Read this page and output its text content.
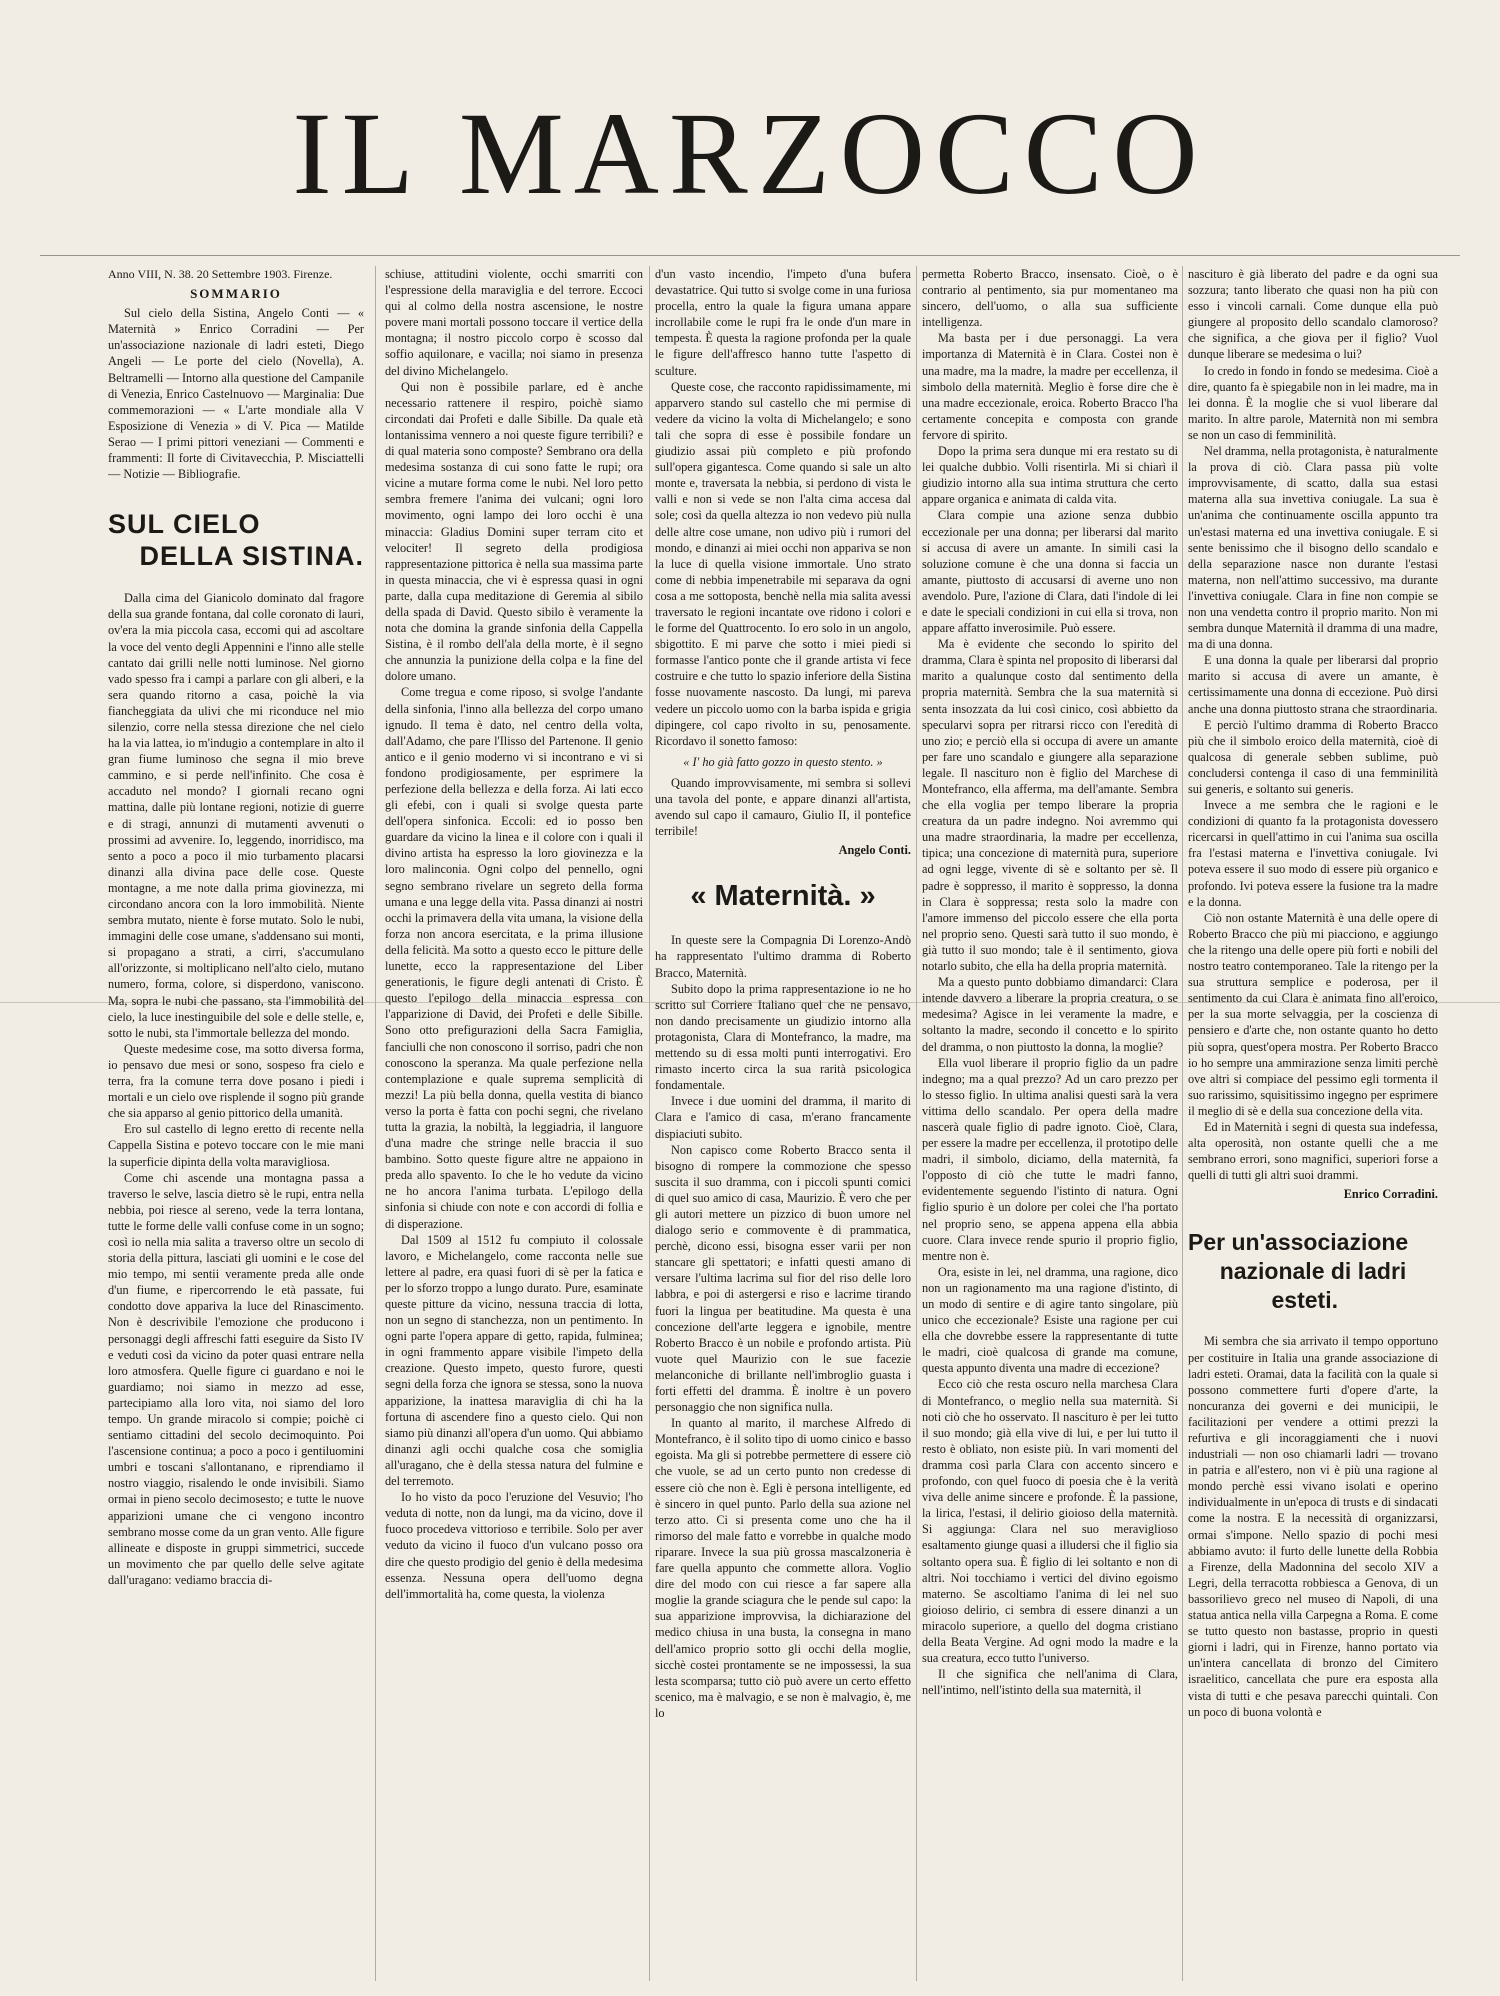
IL MARZOCCO

Anno VIII, N. 38. 20 Settembre 1903. Firenze.

SOMMARIO

Sul cielo della Sistina, Angelo Conti — « Maternità » Enrico Corradini — Per un'associazione nazionale di ladri esteti, Diego Angeli — Le porte del cielo (Novella), A. Beltramelli — Intorno alla questione del Campanile di Venezia, Enrico Castelnuovo — Marginalia: Due commemorazioni — « L'arte mondiale alla V Esposizione di Venezia » di V. Pica — Matilde Serao — I primi pittori veneziani — Commenti e frammenti: Il forte di Civitavecchia, P. Misciattelli — Notizie — Bibliografie.

SUL CIELO
DELLA SISTINA.

Dalla cima del Gianicolo dominato dal fragore della sua grande fontana, dal colle coronato di lauri, ov'era la mia piccola casa, eccomi qui ad ascoltare la voce del vento degli Appennini e l'inno alle stelle cantato dai grilli nelle notti luminose. Nel giorno vado spesso fra i campi a parlare con gli alberi, e la sera quando ritorno a casa, poichè la via fiancheggiata da ulivi che mi riconduce nel mio silenzio, corre nella stessa direzione che nel cielo ha la via lattea, io m'indugio a contemplare in alto il gran fiume luminoso che segna il mio breve cammino, e si perde nell'infinito. Che cosa è accaduto nel mondo? I giornali recano ogni mattina, dalle più lontane regioni, notizie di guerre e di stragi, annunzi di mutamenti avvenuti o prossimi ad avvenire. Io, leggendo, inorridisco, ma sento a poco a poco il mio turbamento placarsi dinanzi alla divina pace delle cose. Queste montagne, a me note dalla prima giovinezza, mi circondano ancora con la loro immobilità. Niente sembra mutato, niente è forse mutato. Solo le nubi, immagini delle cose umane, s'addensano sui monti, si propagano a strati, a cirri, s'accumulano all'orizzonte, si moltiplicano nell'alto cielo, mutano numero, forma, colore, si disperdono, vaniscono. Ma, sopra le nubi che passano, sta l'immobilità del cielo, la luce inestinguibile del sole e delle stelle, e, sotto le nubi, sta l'immortale bellezza del mondo.

Queste medesime cose, ma sotto diversa forma, io pensavo due mesi or sono, sospeso fra cielo e terra, fra la comune terra dove posano i piedi i mortali e un cielo ove risplende il sogno più grande che sia apparso al genio pittorico della umanità.

Ero sul castello di legno eretto di recente nella Cappella Sistina e potevo toccare con le mie mani la superficie dipinta della volta maravigliosa.

Come chi ascende una montagna passa a traverso le selve, lascia dietro sè le rupi, entra nella nebbia, poi riesce al sereno, vede la terra lontana, tutte le forme delle valli confuse come in un sogno; così io nella mia salita a traverso oltre un secolo di storia della pittura, lasciati gli uomini e le cose del mio tempo, mi sentii veramente preda alle onde d'un fiume, e ripercorrendo le età passate, fui condotto dove appariva la luce del Rinascimento. Non è descrivibile l'emozione che producono i personaggi degli affreschi fatti eseguire da Sisto IV e veduti così da vicino da poter quasi entrare nella loro atmosfera. Quelle figure ci guardano e noi le guardiamo; noi siamo in mezzo ad esse, partecipiamo alla loro vita, noi siamo del loro tempo. Un grande miracolo si compie; poichè ci sentiamo cittadini del secolo decimoquinto. Poi l'ascensione continua; a poco a poco i gentiluomini umbri e toscani s'allontanano, e riprendiamo il nostro viaggio, risalendo le onde invisibili. Siamo ormai in pieno secolo decimosesto; e tutte le nuove apparizioni umane che ci vengono incontro sembrano mosse come da un gran vento. Alle figure allineate e disposte in gruppi simmetrici, succede un movimento che par quello delle selve agitate dall'uragano: vediamo braccia di-

schiuse, attitudini violente, occhi smarriti con l'espressione della maraviglia e del terrore. Eccoci qui al colmo della nostra ascensione, le nostre povere mani mortali possono toccare il vertice della montagna; il nostro piccolo corpo è scosso dal soffio aquilonare, e vacilla; noi siamo in presenza del divino Michelangelo.

Qui non è possibile parlare, ed è anche necessario rattenere il respiro, poichè siamo circondati dai Profeti e dalle Sibille. Da quale età lontanissima vennero a noi queste figure terribili? e di qual materia sono composte? Sembrano ora della medesima sostanza di cui sono fatte le rupi; ora vicine a mutare forma come le nubi. Nel loro petto sembra fremere l'anima dei vulcani; ogni loro movimento, ogni lampo dei loro occhi è una minaccia: Gladius Domini super terram cito et velociter! Il segreto della prodigiosa rappresentazione pittorica è nella sua massima parte in questa minaccia, che vi è espressa quasi in ogni parte, dalla cupa meditazione di Geremia al sibilo della spada di David. Questo sibilo è veramente la nota che domina la grande sinfonia della Cappella Sistina, è il rombo dell'ala della morte, è il segno che annunzia la punizione della colpa e la fine del dolore umano.

Come tregua e come riposo, si svolge l'andante della sinfonia, l'inno alla bellezza del corpo umano ignudo. Il tema è dato, nel centro della volta, dall'Adamo, che pare l'Ilisso del Partenone. Il genio antico e il genio moderno vi si incontrano e vi si fondono prodigiosamente, per esprimere la perfezione della bellezza e della forza. Ai lati ecco gli efebi, con i quali si svolge questa parte dell'opera sinfonica. Eccoli: ed io posso ben guardare da vicino la linea e il colore con i quali il divino artista ha espresso la loro giovinezza e la loro malinconia. Ogni colpo del pennello, ogni segno sembrano rivelare un segreto della forma umana e una legge della vita. Passa dinanzi ai nostri occhi la primavera della vita umana, la visione della forza non ancora esercitata, e la prima illusione della felicità. Ma sotto a questo ecco le pitture delle lunette, ecco la rappresentazione del Liber generationis, le figure degli antenati di Cristo. È questo l'epilogo della minaccia espressa con l'apparizione di David, dei Profeti e delle Sibille. Sono otto prefigurazioni della Sacra Famiglia, fanciulli che non conoscono il sorriso, padri che non conoscono la speranza. Ma quale perfezione nella contemplazione e quale suprema semplicità di mezzi! La più bella donna, quella vestita di bianco verso la porta è fatta con pochi segni, che rivelano tutta la grazia, la nobiltà, la leggiadria, il languore d'una madre che stringe nelle braccia il suo bambino. Sotto queste figure altre ne appaiono in preda allo spavento. Io che le ho vedute da vicino ne ho ancora l'anima turbata. L'epilogo della sinfonia si chiude con note e con accordi di follia e di disperazione.

Dal 1509 al 1512 fu compiuto il colossale lavoro, e Michelangelo, come racconta nelle sue lettere al padre, era quasi fuori di sè per la fatica e per lo sforzo troppo a lungo durato. Pure, esaminate queste pitture da vicino, nessuna traccia di lotta, non un segno di stanchezza, non un pentimento. In ogni parte l'opera appare di getto, rapida, fulminea; in ogni frammento appare visibile l'impeto della creazione. Questo impeto, questo furore, questi segni della forza che ignora se stessa, sono la nuova apparizione, la inattesa maraviglia di chi ha la fortuna di ascendere fino a questo cielo. Qui non siamo più dinanzi all'opera d'un uomo. Qui abbiamo dinanzi agli occhi qualche cosa che somiglia all'uragano, che è della stessa natura del fulmine e del terremoto.

Io ho visto da poco l'eruzione del Vesuvio; l'ho veduta di notte, non da lungi, ma da vicino, dove il fuoco procedeva vittorioso e terribile. Solo per aver veduto da vicino il fuoco d'un vulcano posso ora dire che questo prodigio del genio è della medesima essenza. Nessuna opera dell'uomo degna dell'immortalità ha, come questa, la violenza

d'un vasto incendio, l'impeto d'una bufera devastatrice. Qui tutto si svolge come in una furiosa procella, entro la quale la figura umana appare incrollabile come le rupi fra le onde d'un mare in tempesta. È questa la ragione profonda per la quale le figure dell'affresco hanno tutte l'aspetto di sculture.

Queste cose, che racconto rapidissimamente, mi apparvero stando sul castello che mi permise di vedere da vicino la volta di Michelangelo; e sono tali che sopra di esse è possibile fondare un giudizio assai più completo e più profondo sull'opera gigantesca. Come quando si sale un alto monte e, traversata la nebbia, si perdono di vista le valli e non si vede se non l'alta cima accesa dal sole; così da quella altezza io non vedevo più nulla delle altre cose umane, non udivo più i rumori del mondo, e dinanzi ai miei occhi non appariva se non la luce di quella visione immortale. Uno strato come di nebbia impenetrabile mi separava da ogni cosa a me sottoposta, benchè nella mia salita avessi traversato le regioni incantate ove ridono i colori e le forme del Quattrocento. Io ero solo in un angolo, sbigottito. E mi parve che sotto i miei piedi si formasse l'antico ponte che il grande artista vi fece costruire e che tutto lo spazio inferiore della Sistina fosse nuovamente nascosto. Da lungi, mi pareva vedere un piccolo uomo con la barba ispida e grigia dipingere, col capo rivolto in su, penosamente. Ricordavo il sonetto famoso:

« I' ho già fatto gozzo in questo stento. »

Quando improvvisamente, mi sembra si sollevi una tavola del ponte, e appare dinanzi all'artista, avendo sul capo il camauro, Giulio II, il pontefice terribile!

Angelo Conti.

« Maternità. »

In queste sere la Compagnia Di Lorenzo-Andò ha rappresentato l'ultimo dramma di Roberto Bracco, Maternità.

Subito dopo la prima rappresentazione io ne ho scritto sul Corriere Italiano quel che ne pensavo, non dando precisamente un giudizio intorno alla protagonista, Clara di Montefranco, la madre, ma mettendo su di essa molti punti interrogativi. Ero rimasto incerto circa la sua rarità psicologica fondamentale.

Invece i due uomini del dramma, il marito di Clara e l'amico di casa, m'erano francamente dispiaciuti subito.

Non capisco come Roberto Bracco senta il bisogno di rompere la commozione che spesso suscita il suo dramma, con i piccoli spunti comici di quel suo amico di casa, Maurizio. È vero che per gli autori mettere un pizzico di buon umore nel dialogo serio e commovente è di prammatica, perchè, dicono essi, bisogna esser varii per non stancare gli spettatori; e infatti questi amano di versare l'ultima lacrima sul fior del riso delle loro labbra, e poi di astergersi e riso e lacrime tirando fuori la lingua per beatitudine. Ma questa è una concezione dell'arte leggera e ignobile, mentre Roberto Bracco è un nobile e profondo artista. Più vuote quel Maurizio con le sue facezie melanconiche di brillante nell'imbroglio guasta i forti effetti del dramma. È inoltre è un povero personaggio che non significa nulla.

In quanto al marito, il marchese Alfredo di Montefranco, è il solito tipo di uomo cinico e basso egoista. Ma gli si potrebbe permettere di essere ciò che vuole, se ad un certo punto non credesse di essere ciò che non è. Egli è persona intelligente, ed è sincero in quel punto. Parlo della sua azione nel terzo atto. Ci si presenta come uno che ha il rimorso del male fatto e vorrebbe in qualche modo riparare. Invece la sua più grossa mascalzoneria è fare quella appunto che commette allora. Voglio dire del modo con cui riesce a far sapere alla moglie la grande sciagura che le pende sul capo: la sua apparizione improvvisa, la dichiarazione del medico chiusa in una busta, la consegna in mano dell'amico proprio sotto gli occhi della moglie, sicchè costei prontamente se ne impossessi, la sua lesta scomparsa; tutto ciò può avere un certo effetto scenico, ma è malvagio, e se non è malvagio, è, me lo

permetta Roberto Bracco, insensato. Cioè, o è contrario al pentimento, sia pur momentaneo ma sincero, dell'uomo, o alla sua sufficiente intelligenza.

Ma basta per i due personaggi. La vera importanza di Maternità è in Clara. Costei non è una madre, ma la madre, la madre per eccellenza, il simbolo della maternità. Meglio è forse dire che è una madre eccezionale, eroica. Roberto Bracco l'ha certamente concepita e composta con grande fervore di spirito.

Dopo la prima sera dunque mi era restato su di lei qualche dubbio. Volli risentirla. Mi si chiarì il giudizio intorno alla sua intima struttura che certo appare organica e animata di calda vita.

Clara compie una azione senza dubbio eccezionale per una donna; per liberarsi dal marito si accusa di avere un amante. In simili casi la soluzione comune è che una donna si faccia un amante, piuttosto di accusarsi di averne uno non avendolo. Pure, l'azione di Clara, dati l'indole di lei e date le speciali condizioni in cui ella si trova, non appare affatto inverosimile. Può essere.

Ma è evidente che secondo lo spirito del dramma, Clara è spinta nel proposito di liberarsi dal marito a qualunque costo dal sentimento della propria maternità. Sembra che la sua maternità si senta insozzata da lui così cinico, così abbietto da specularvi sopra per ritrarsi ricco con l'eredità di uno zio; e perciò ella si occupa di avere un amante per fare uno scandalo e giungere alla separazione legale. Il nascituro non è figlio del Marchese di Montefranco, ella afferma, ma dell'amante. Sembra che ella voglia per tempo liberare la propria creatura da un padre indegno. Noi avremmo qui una madre straordinaria, la madre per eccellenza, tipica; una concezione di maternità pura, superiore ad ogni legge, vivente di sè e soltanto per sè. Il padre è soppresso, il marito è soppresso, la donna in Clara è soppressa; resta solo la madre con l'amore immenso del piccolo essere che ella porta nel proprio seno. Questi sarà tutto il suo mondo, è già tutto il suo mondo; tale è il sentimento, giova notarlo subito, che ella ha della propria maternità.

Ma a questo punto dobbiamo dimandarci: Clara intende davvero a liberare la propria creatura, o se medesima? Agisce in lei veramente la madre, e soltanto la madre, secondo il concetto e lo spirito del dramma, o non piuttosto la donna, la moglie?

Ella vuol liberare il proprio figlio da un padre indegno; ma a qual prezzo? Ad un caro prezzo per lo stesso figlio. In ultima analisi questi sarà la vera vittima dello scandalo. Per opera della madre nascerà quale figlio di padre ignoto. Cioè, Clara, per essere la madre per eccellenza, il prototipo delle madri, il simbolo, diciamo, della maternità, fa l'opposto di ciò che tutte le madri fanno, evidentemente seguendo l'istinto di natura. Ogni figlio spurio è un dolore per colei che l'ha portato nel proprio seno, se appena appena ella abbia cuore. Clara invece rende spurio il proprio figlio, mentre non è.

Ora, esiste in lei, nel dramma, una ragione, dico non un ragionamento ma una ragione d'istinto, di un modo di sentire e di agire tanto singolare, più unico che eccezionale? Esiste una ragione per cui ella che dovrebbe essere la rappresentante di tutte le madri, cioè qualcosa di grande ma comune, questa appunto diventa una madre di eccezione?

Ecco ciò che resta oscuro nella marchesa Clara di Montefranco, o meglio nella sua maternità. Si noti ciò che ho osservato. Il nascituro è per lei tutto il suo mondo; già ella vive di lui, e per lui tutto il resto è obliato, non esiste più. In vari momenti del dramma così parla Clara con accento sincero e profondo, con quel fuoco di poesia che è la verità viva delle anime sincere e profonde. È la passione, la lirica, l'estasi, il delirio gioioso della maternità. Si aggiunga: Clara nel suo meraviglioso esaltamento giunge quasi a illudersi che il figlio sia soltanto opera sua. È figlio di lei soltanto e non di altri. Noi tocchiamo i vertici del divino egoismo materno. Se ascoltiamo l'anima di lei nel suo gioioso delirio, ci sembra di essere dinanzi a un miracolo superiore, a quello del dogma cristiano della Beata Vergine. Ad ogni modo la madre e la sua creatura, ecco tutto l'universo.

Il che significa che nell'anima di Clara, nell'intimo, nell'istinto della sua maternità, il

nascituro è già liberato del padre e da ogni sua sozzura; tanto liberato che quasi non ha più con esso i vincoli carnali. Come dunque ella può giungere al proposito dello scandalo clamoroso? che significa, a che giova per il figlio? Vuol dunque liberare se medesima o lui?

Io credo in fondo in fondo se medesima. Cioè a dire, quanto fa è spiegabile non in lei madre, ma in lei donna. È la moglie che si vuol liberare dal marito. In altre parole, Maternità non mi sembra se non un caso di femminilità.

Nel dramma, nella protagonista, è naturalmente la prova di ciò. Clara passa più volte improvvisamente, di scatto, dalla sua estasi materna alla sua invettiva coniugale. La sua è un'anima che continuamente oscilla appunto tra un'estasi materna ed una invettiva coniugale. E si sente benissimo che il bisogno dello scandalo e della separazione nasce non durante l'estasi materna, non nell'attimo successivo, ma durante l'invettiva coniugale. Clara in fine non compie se non una vendetta contro il proprio marito. Non mi sembra dunque Maternità il dramma di una madre, ma di una donna.

E una donna la quale per liberarsi dal proprio marito si accusa di avere un amante, è certissimamente una donna di eccezione. Può dirsi anche una donna piuttosto strana che straordinaria.

E perciò l'ultimo dramma di Roberto Bracco più che il simbolo eroico della maternità, cioè di qualcosa di generale sebben sublime, può concludersi contenga il caso di una femminilità sui generis, e soltanto sui generis.

Invece a me sembra che le ragioni e le condizioni di quanto fa la protagonista dovessero ricercarsi in quell'attimo in cui l'anima sua oscilla fra l'estasi materna e l'invettiva coniugale. Ivi poteva essere il suo modo di essere più organico e profondo. Ivi poteva essere la fusione tra la madre e la donna.

Ciò non ostante Maternità è una delle opere di Roberto Bracco che più mi piacciono, e aggiungo che la ritengo una delle opere più forti e nobili del nostro teatro contemporaneo. Tale la ritengo per la sua struttura semplice e poderosa, per il sentimento da cui Clara è animata fino all'eroico, per la sua morte selvaggia, per la coscienza di pensiero e d'arte che, non ostante quanto ho detto più sopra, quest'opera mostra. Per Roberto Bracco io ho sempre una ammirazione senza limiti perchè ove altri si compiace del pessimo egli tormenta il suo rarissimo, squisitissimo ingegno per esprimere il meglio di sè e della sua concezione della vita.

Ed in Maternità i segni di questa sua indefessa, alta operosità, non ostante quelli che a me sembrano errori, sono magnifici, superiori forse a quelli di tutti gli altri suoi drammi.

Enrico Corradini.

Per un'associazione
nazionale di ladri
esteti.

Mi sembra che sia arrivato il tempo opportuno per costituire in Italia una grande associazione di ladri esteti. Oramai, data la facilità con la quale si possono commettere furti d'opere d'arte, la noncuranza dei governi e dei municipii, le facilitazioni per vendere a ottimi prezzi la refurtiva e gli incoraggiamenti che i nuovi industriali — non oso chiamarli ladri — trovano in patria e all'estero, non vi è più una ragione al mondo perchè essi vivano isolati e operino individualmente in un'epoca di trusts e di sindacati come la nostra. E la necessità di organizzarsi, ormai s'impone. Nello spazio di pochi mesi abbiamo avuto: il furto delle lunette della Robbia a Firenze, della Madonnina del secolo XIV a Legri, della terracotta robbiesca a Genova, di un bassorilievo greco nel museo di Napoli, di una statua antica nella villa Carpegna a Roma. E come se tutto questo non bastasse, proprio in questi giorni i ladri, qui in Firenze, hanno portato via un'intera cancellata di bronzo del Cimitero israelitico, cancellata che pure era esposta alla vista di tutti e che pesava parecchi quintali. Con un poco di buona volontà e
